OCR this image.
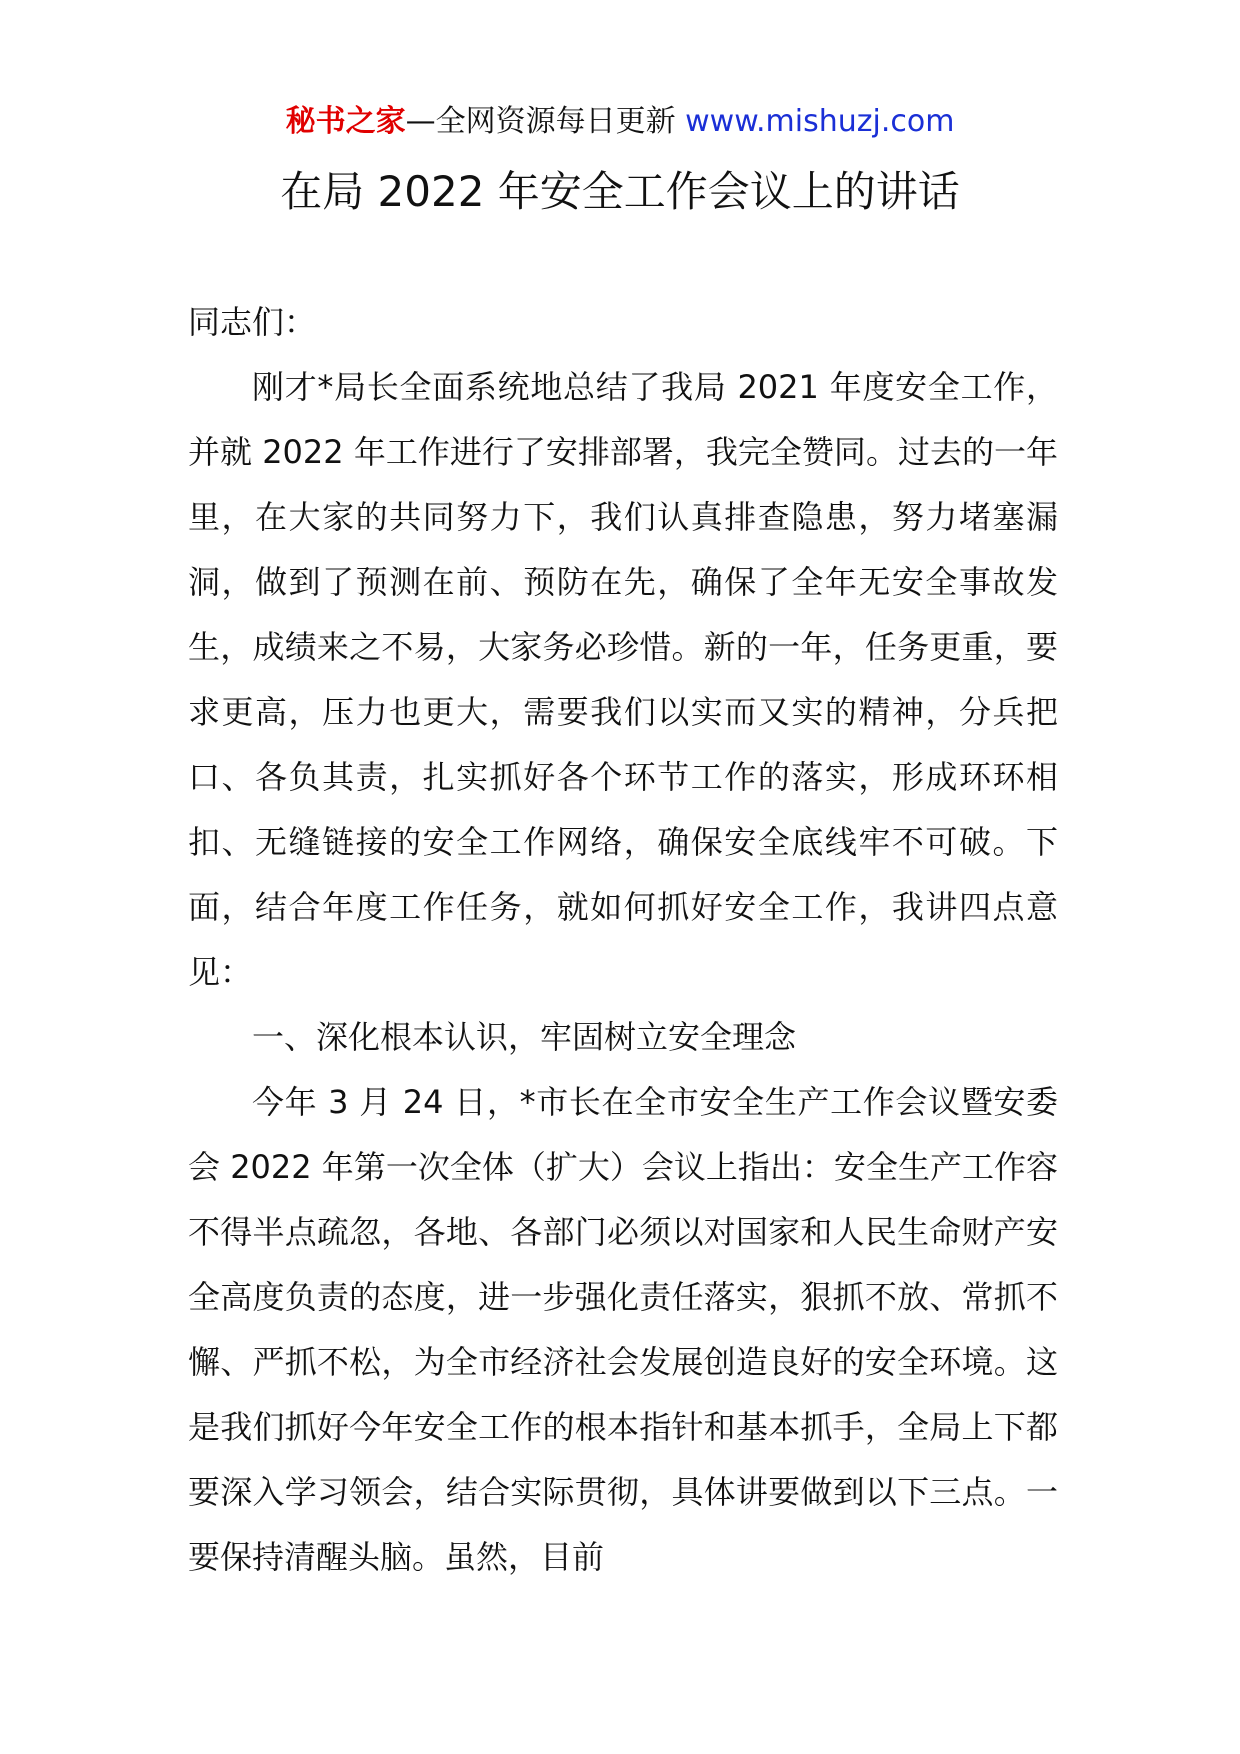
秘书之家—全网资源每日更新 www.mishuzj.com
在局 2022 年安全工作会议上的讲话

同志们：

刚才*局长全面系统地总结了我局 2021 年度安全工作，并就 2022 年工作进行了安排部署，我完全赞同。过去的一年里，在大家的共同努力下，我们认真排查隐患，努力堵塞漏洞，做到了预测在前、预防在先，确保了全年无安全事故发生，成绩来之不易，大家务必珍惜。新的一年，任务更重，要求更高，压力也更大，需要我们以实而又实的精神，分兵把口、各负其责，扎实抓好各个环节工作的落实，形成环环相扣、无缝链接的安全工作网络，确保安全底线牢不可破。下面，结合年度工作任务，就如何抓好安全工作，我讲四点意见：

一、深化根本认识，牢固树立安全理念

今年 3 月 24 日，*市长在全市安全生产工作会议暨安委会 2022 年第一次全体（扩大）会议上指出：安全生产工作容不得半点疏忽，各地、各部门必须以对国家和人民生命财产安全高度负责的态度，进一步强化责任落实，狠抓不放、常抓不懈、严抓不松，为全市经济社会发展创造良好的安全环境。这是我们抓好今年安全工作的根本指针和基本抓手，全局上下都要深入学习领会，结合实际贯彻，具体讲要做到以下三点。一要保持清醒头脑。虽然，目前
